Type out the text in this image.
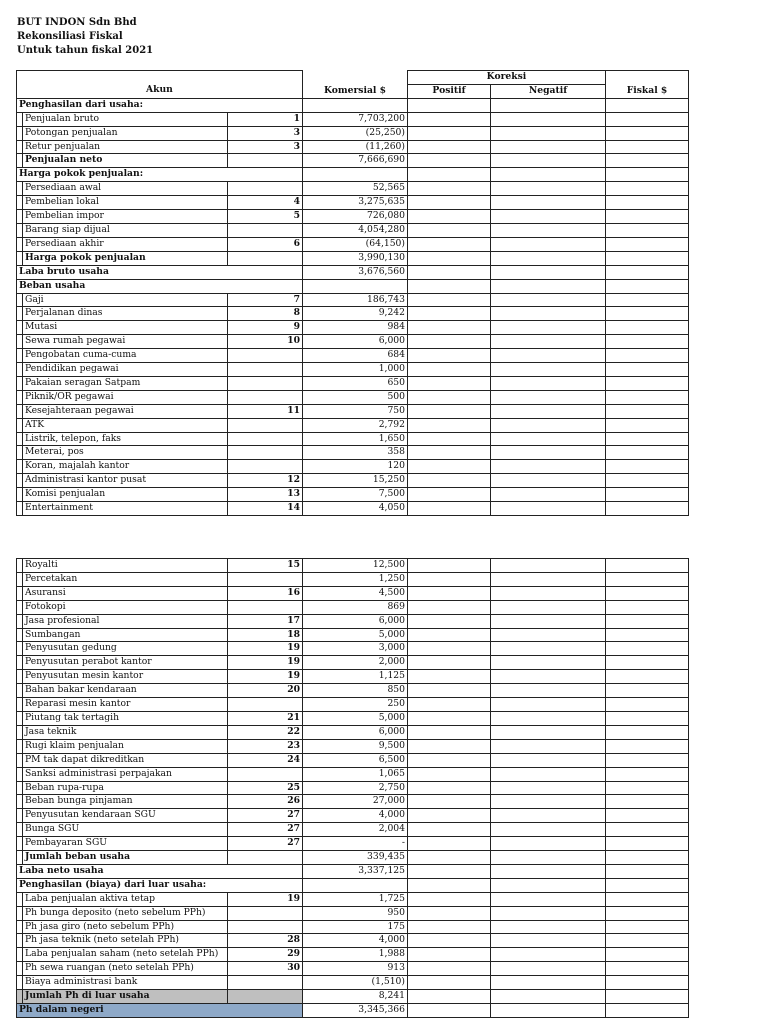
BUT INDON Sdn Bhd
Rekonsiliasi Fiskal
Untuk tahun fiskal 2021
				Koreksi		
			Komersial $	Positif	Negatif	Fiskal $
Penghasilan dari usaha:						
	Penjualan bruto	1	7,703,200			
	Potongan penjualan	3	(25,250)			
	Retur penjualan	3	(11,260)			
	Penjualan neto		7,666,690			
Harga pokok penjualan:						
	Persediaan awal		52,565			
	Pembelian lokal	4	3,275,635			
	Pembelian impor	5	726,080			
	Barang siap dijual		4,054,280			
	Persediaan akhir	6	(64,150)			
	Harga pokok penjualan		3,990,130			
Laba bruto usaha			3,676,560			
Beban usaha						
	Gaji	7	186,743			
	Perjalanan dinas	8	9,242			
	Mutasi	9	984			
	Sewa rumah pegawai	10	6,000			
	Pengobatan cuma-cuma		684			
	Pendidikan pegawai		1,000			
	Pakaian seragan Satpam		650			
	Piknik/OR pegawai		500			
	Kesejahteraan pegawai	11	750			
	ATK		2,792			
	Listrik, telepon, faks		1,650			
	Meterai, pos		358			
	Koran, majalah kantor		120			
	Administrasi kantor pusat	12	15,250			
	Komisi penjualan	13	7,500			
	Entertainment	14	4,050			
Akun
	Royalti	15	12,500			
	Percetakan		1,250			
	Asuransi	16	4,500			
	Fotokopi		869			
	Jasa profesional	17	6,000			
	Sumbangan	18	5,000			
	Penyusutan gedung	19	3,000			
	Penyusutan perabot kantor	19	2,000			
	Penyusutan mesin kantor	19	1,125			
	Bahan bakar kendaraan	20	850			
	Reparasi mesin kantor		250			
	Piutang tak tertagih	21	5,000			
	Jasa teknik	22	6,000			
	Rugi klaim penjualan	23	9,500			
	PM tak dapat dikreditkan	24	6,500			
	Sanksi administrasi perpajakan		1,065			
	Beban rupa-rupa	25	2,750			
	Beban bunga pinjaman	26	27,000			
	Penyusutan kendaraan SGU	27	4,000			
	Bunga SGU	27	2,004			
	Pembayaran SGU	27	-			
	Jumlah beban usaha		339,435			
Laba neto usaha			3,337,125			
Penghasilan (biaya) dari luar usaha:						
	Laba penjualan aktiva tetap	19	1,725			
	Ph bunga deposito (neto sebelum PPh)		950			
	Ph jasa giro (neto sebelum PPh)		175			
	Ph jasa teknik (neto setelah PPh)	28	4,000			
	Laba penjualan saham (neto setelah PPh)	29	1,988			
	Ph sewa ruangan (neto setelah PPh)	30	913			
	Biaya administrasi bank		(1,510)			
	Jumlah Ph di luar usaha		8,241			
Ph dalam negeri			3,345,366			
